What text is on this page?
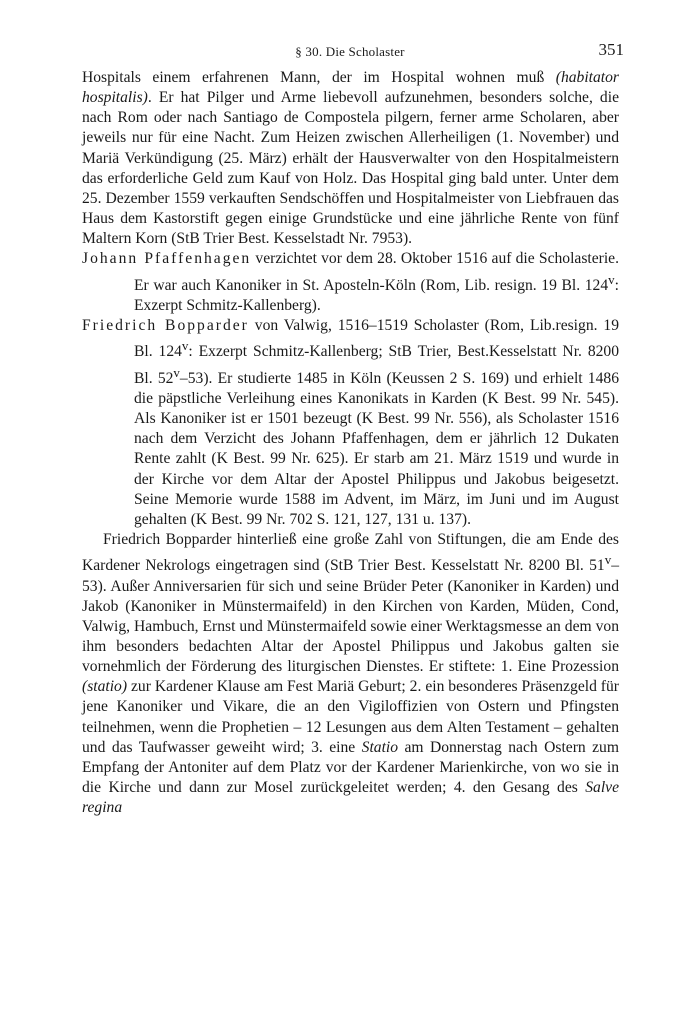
§ 30. Die Scholaster	351

Hospitals einem erfahrenen Mann, der im Hospital wohnen muß (habitator hospitalis). Er hat Pilger und Arme liebevoll aufzunehmen, besonders solche, die nach Rom oder nach Santiago de Compostela pilgern, ferner arme Scholaren, aber jeweils nur für eine Nacht. Zum Heizen zwischen Allerheiligen (1. November) und Mariä Verkündigung (25. März) erhält der Hausverwalter von den Hospitalmeistern das erforderliche Geld zum Kauf von Holz. Das Hospital ging bald unter. Unter dem 25. Dezember 1559 verkauften Sendschöffen und Hospitalmeister von Liebfrauen das Haus dem Kastorstift gegen einige Grundstücke und eine jährliche Rente von fünf Maltern Korn (StB Trier Best. Kesselstadt Nr. 7953).

Johann Pfaffenhagen verzichtet vor dem 28. Oktober 1516 auf die Scholasterie. Er war auch Kanoniker in St. Aposteln-Köln (Rom, Lib. resign. 19 Bl. 124$^v$: Exzerpt Schmitz-Kallenberg).

Friedrich Bopparder von Valwig, 1516–1519 Scholaster (Rom, Lib.resign. 19 Bl. 124$^v$: Exzerpt Schmitz-Kallenberg; StB Trier, Best.Kesselstatt Nr. 8200 Bl. 52$^v$–53). Er studierte 1485 in Köln (Keussen 2 S. 169) und erhielt 1486 die päpstliche Verleihung eines Kanonikats in Karden (K Best. 99 Nr. 545). Als Kanoniker ist er 1501 bezeugt (K Best. 99 Nr. 556), als Scholaster 1516 nach dem Verzicht des Johann Pfaffenhagen, dem er jährlich 12 Dukaten Rente zahlt (K Best. 99 Nr. 625). Er starb am 21. März 1519 und wurde in der Kirche vor dem Altar der Apostel Philippus und Jakobus beigesetzt. Seine Memorie wurde 1588 im Advent, im März, im Juni und im August gehalten (K Best. 99 Nr. 702 S. 121, 127, 131 u. 137).

Friedrich Bopparder hinterließ eine große Zahl von Stiftungen, die am Ende des Kardener Nekrologs eingetragen sind (StB Trier Best. Kesselstatt Nr. 8200 Bl. 51$^v$–53). Außer Anniversarien für sich und seine Brüder Peter (Kanoniker in Karden) und Jakob (Kanoniker in Münstermaifeld) in den Kirchen von Karden, Müden, Cond, Valwig, Hambuch, Ernst und Münstermaifeld sowie einer Werktagsmesse an dem von ihm besonders bedachten Altar der Apostel Philippus und Jakobus galten sie vornehmlich der Förderung des liturgischen Dienstes. Er stiftete: 1. Eine Prozession (statio) zur Kardener Klause am Fest Mariä Geburt; 2. ein besonderes Präsenzgeld für jene Kanoniker und Vikare, die an den Vigiloffizien von Ostern und Pfingsten teilnehmen, wenn die Prophetien – 12 Lesungen aus dem Alten Testament – gehalten und das Taufwasser geweiht wird; 3. eine Statio am Donnerstag nach Ostern zum Empfang der Antoniter auf dem Platz vor der Kardener Marienkirche, von wo sie in die Kirche und dann zur Mosel zurückgeleitet werden; 4. den Gesang des Salve regina
